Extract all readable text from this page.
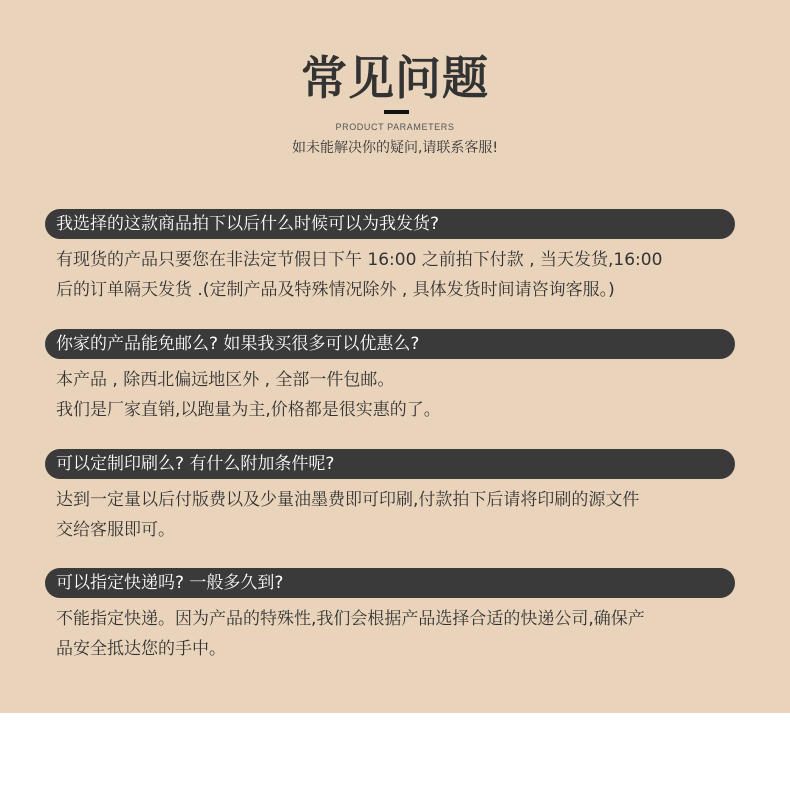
常见问题
PRODUCT PARAMETERS
如未能解决你的疑问,请联系客服!
我选择的这款商品拍下以后什么时候可以为我发货?
有现货的产品只要您在非法定节假日下午 16:00 之前拍下付款 , 当天发货,16:00
后的订单隔天发货 .(定制产品及特殊情况除外 , 具体发货时间请咨询客服。)
你家的产品能免邮么? 如果我买很多可以优惠么?
本产品 , 除西北偏远地区外 , 全部一件包邮。
我们是厂家直销,以跑量为主,价格都是很实惠的了。
可以定制印刷么? 有什么附加条件呢?
达到一定量以后付版费以及少量油墨费即可印刷,付款拍下后请将印刷的源文件
交给客服即可。
可以指定快递吗? 一般多久到?
不能指定快递。因为产品的特殊性,我们会根据产品选择合适的快递公司,确保产
品安全抵达您的手中。
